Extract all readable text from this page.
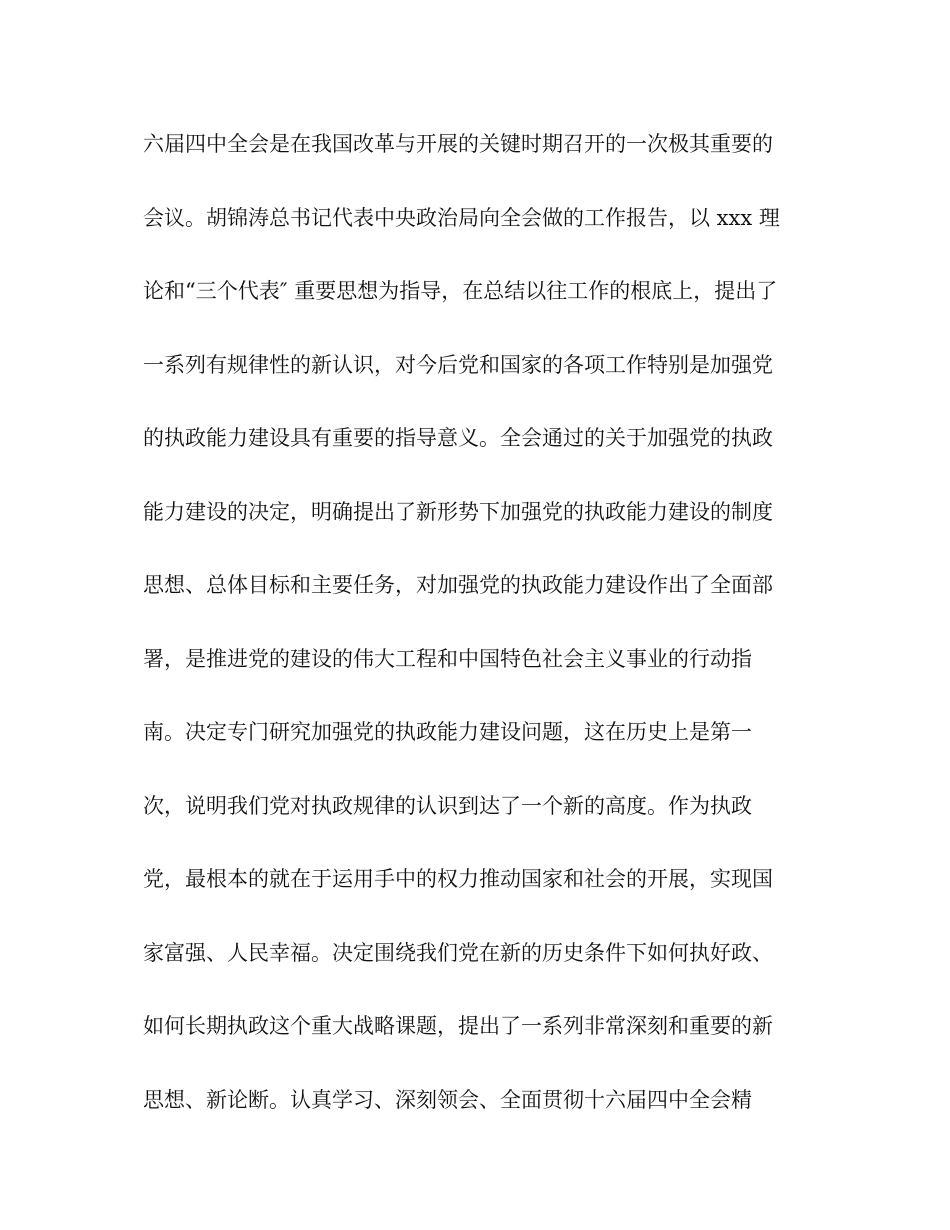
六届四中全会是在我国改革与开展的关键时期召开的一次极其重要的
会议。胡锦涛总书记代表中央政治局向全会做的工作报告，以 xxx 理
论和“三个代表″ 重要思想为指导，在总结以往工作的根底上，提出了
一系列有规律性的新认识，对今后党和国家的各项工作特别是加强党
的执政能力建设具有重要的指导意义。全会通过的关于加强党的执政
能力建设的决定，明确提出了新形势下加强党的执政能力建设的制度
思想、总体目标和主要任务，对加强党的执政能力建设作出了全面部
署，是推进党的建设的伟大工程和中国特色社会主义事业的行动指
南。决定专门研究加强党的执政能力建设问题，这在历史上是第一
次，说明我们党对执政规律的认识到达了一个新的高度。作为执政
党，最根本的就在于运用手中的权力推动国家和社会的开展，实现国
家富强、人民幸福。决定围绕我们党在新的历史条件下如何执好政、
如何长期执政这个重大战略课题，提出了一系列非常深刻和重要的新
思想、新论断。认真学习、深刻领会、全面贯彻十六届四中全会精
